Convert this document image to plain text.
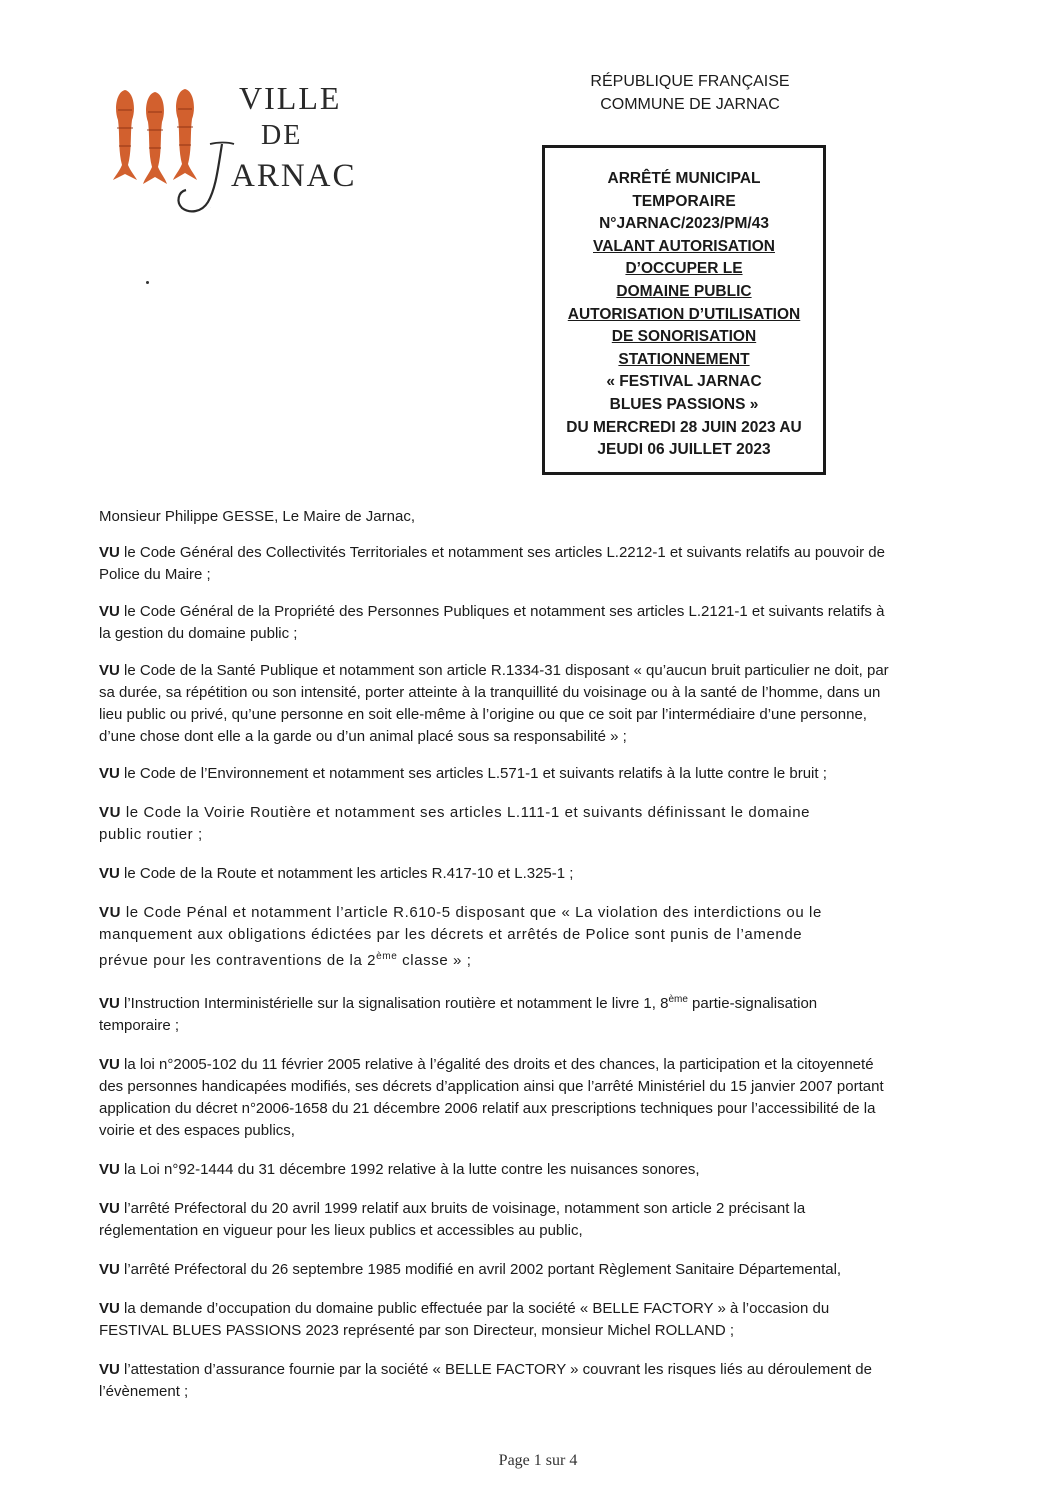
VILLE
DE
J
ARNAC
RÉPUBLIQUE FRANÇAISE
COMMUNE DE JARNAC
ARRÊTÉ MUNICIPAL
TEMPORAIRE
N°JARNAC/2023/PM/43
VALANT AUTORISATION
D’OCCUPER LE
DOMAINE PUBLIC
AUTORISATION D’UTILISATION
DE SONORISATION
STATIONNEMENT
« FESTIVAL JARNAC
BLUES PASSIONS »
DU MERCREDI 28 JUIN 2023 AU
JEUDI 06 JUILLET 2023

Monsieur Philippe GESSE, Le Maire de Jarnac,

VU le Code Général des Collectivités Territoriales et notamment ses articles L.2212-1 et suivants relatifs au pouvoir de
Police du Maire ;

VU le Code Général de la Propriété des Personnes Publiques et notamment ses articles L.2121-1 et suivants relatifs à
la gestion du domaine public ;

VU le Code de la Santé Publique et notamment son article R.1334-31 disposant « qu’aucun bruit particulier ne doit, par
sa durée, sa répétition ou son intensité, porter atteinte à la tranquillité du voisinage ou à la santé de l’homme, dans un
lieu public ou privé, qu’une personne en soit elle-même à l’origine ou que ce soit par l’intermédiaire d’une personne,
d’une chose dont elle a la garde ou d’un animal placé sous sa responsabilité » ;

VU le Code de l’Environnement et notamment ses articles L.571-1 et suivants relatifs à la lutte contre le bruit ;

VU le Code la Voirie Routière et notamment ses articles L.111-1 et suivants définissant le domaine
public routier ;

VU le Code de la Route et notamment les articles R.417-10 et L.325-1 ;

VU le Code Pénal et notamment l’article R.610-5 disposant que « La violation des interdictions ou le
manquement aux obligations édictées par les décrets et arrêtés de Police sont punis de l’amende
prévue pour les contraventions de la 2ème classe » ;

VU l’Instruction Interministérielle sur la signalisation routière et notamment le livre 1, 8ème partie-signalisation
temporaire ;

VU la loi n°2005-102 du 11 février 2005 relative à l’égalité des droits et des chances, la participation et la citoyenneté
des personnes handicapées modifiés, ses décrets d’application ainsi que l’arrêté Ministériel du 15 janvier 2007 portant
application du décret n°2006-1658 du 21 décembre 2006 relatif aux prescriptions techniques pour l’accessibilité de la
voirie et des espaces publics,

VU la Loi n°92-1444 du 31 décembre 1992 relative à la lutte contre les nuisances sonores,

VU l’arrêté Préfectoral du 20 avril 1999 relatif aux bruits de voisinage, notamment son article 2 précisant la
réglementation en vigueur pour les lieux publics et accessibles au public,

VU l’arrêté Préfectoral du 26 septembre 1985 modifié en avril 2002 portant Règlement Sanitaire Départemental,

VU la demande d’occupation du domaine public effectuée par la société « BELLE FACTORY » à l’occasion du
FESTIVAL BLUES PASSIONS 2023 représenté par son Directeur, monsieur Michel ROLLAND ;

VU l’attestation d’assurance fournie par la société « BELLE FACTORY » couvrant les risques liés au déroulement de
l’évènement ;

Page 1 sur 4
